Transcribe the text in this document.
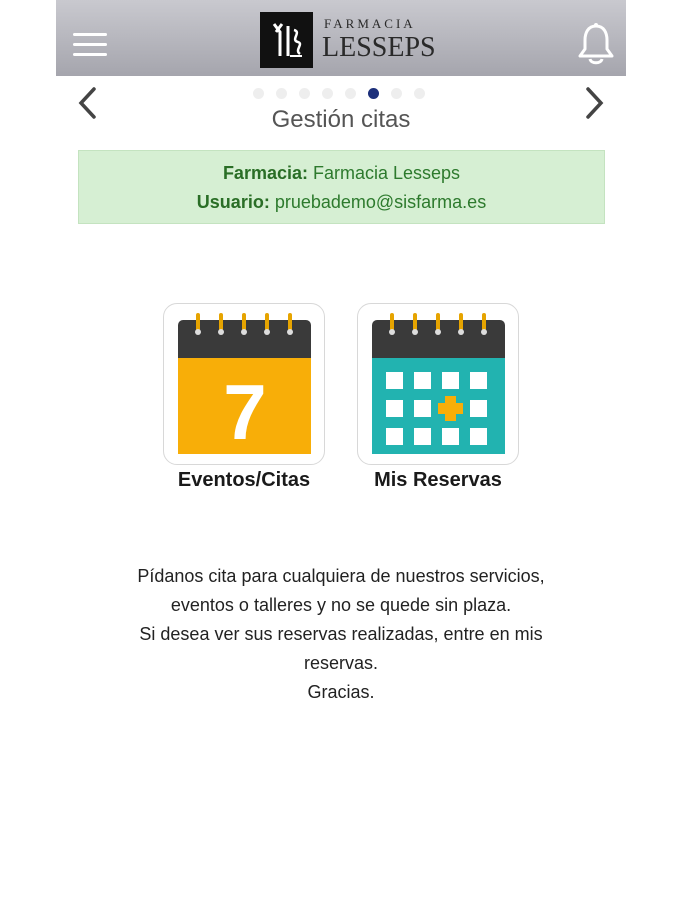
FARMACIA
LESSEPS
Gestión citas
Farmacia: Farmacia Lesseps
Usuario: pruebademo@sisfarma.es
7
Eventos/Citas	Mis Reservas

Pídanos cita para cualquiera de nuestros servicios,

eventos o talleres y no se quede sin plaza.

Si desea ver sus reservas realizadas, entre en mis

reservas.

Gracias.
